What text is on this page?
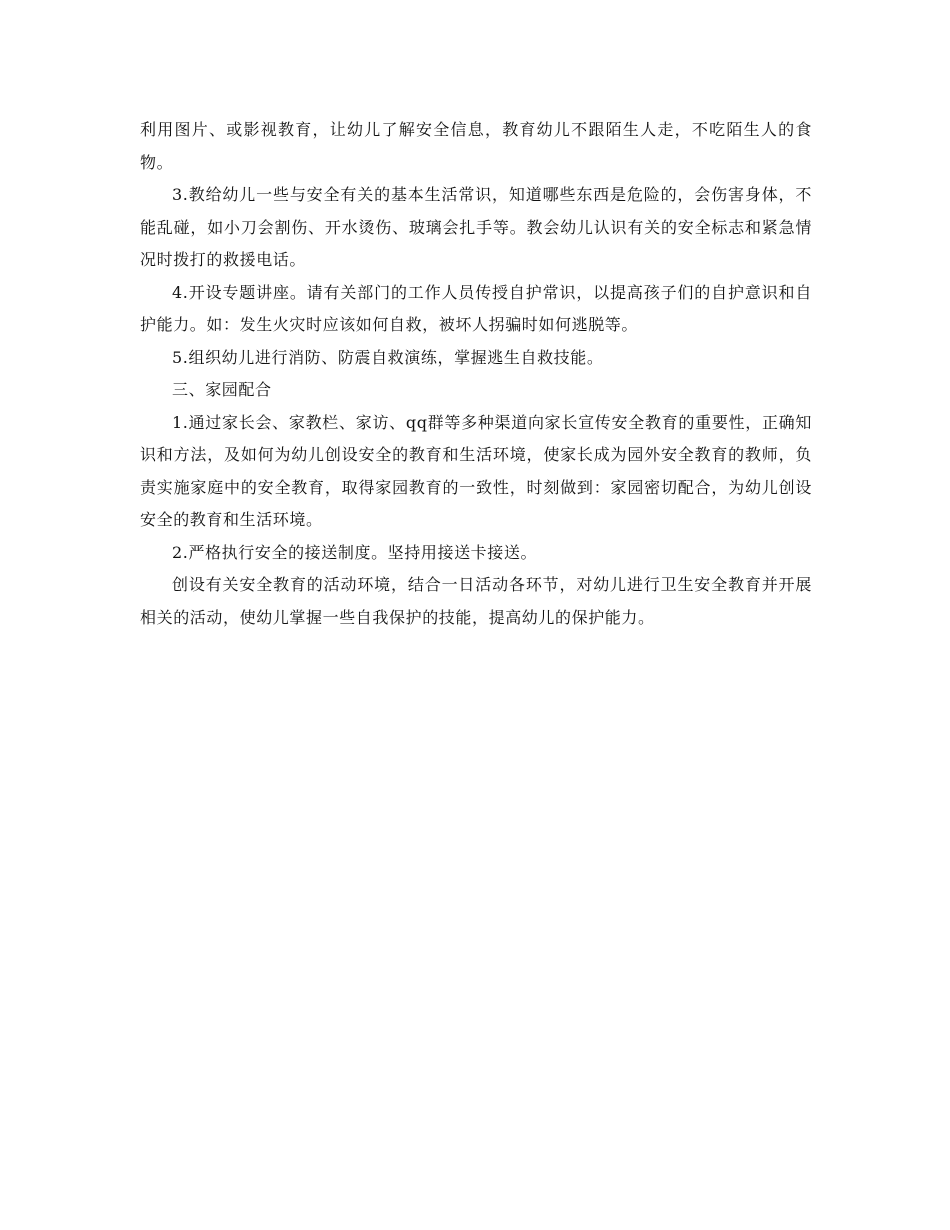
利用图片、或影视教育，让幼儿了解安全信息，教育幼儿不跟陌生人走，不吃陌生人的食物。

3.教给幼儿一些与安全有关的基本生活常识，知道哪些东西是危险的，会伤害身体，不能乱碰，如小刀会割伤、开水烫伤、玻璃会扎手等。教会幼儿认识有关的安全标志和紧急情况时拨打的救援电话。

4.开设专题讲座。请有关部门的工作人员传授自护常识，以提高孩子们的自护意识和自护能力。如：发生火灾时应该如何自救，被坏人拐骗时如何逃脱等。

5.组织幼儿进行消防、防震自救演练，掌握逃生自救技能。

三、家园配合

1.通过家长会、家教栏、家访、qq群等多种渠道向家长宣传安全教育的重要性，正确知识和方法，及如何为幼儿创设安全的教育和生活环境，使家长成为园外安全教育的教师，负责实施家庭中的安全教育，取得家园教育的一致性，时刻做到：家园密切配合，为幼儿创设安全的教育和生活环境。

2.严格执行安全的接送制度。坚持用接送卡接送。

创设有关安全教育的活动环境，结合一日活动各环节，对幼儿进行卫生安全教育并开展相关的活动，使幼儿掌握一些自我保护的技能，提高幼儿的保护能力。
